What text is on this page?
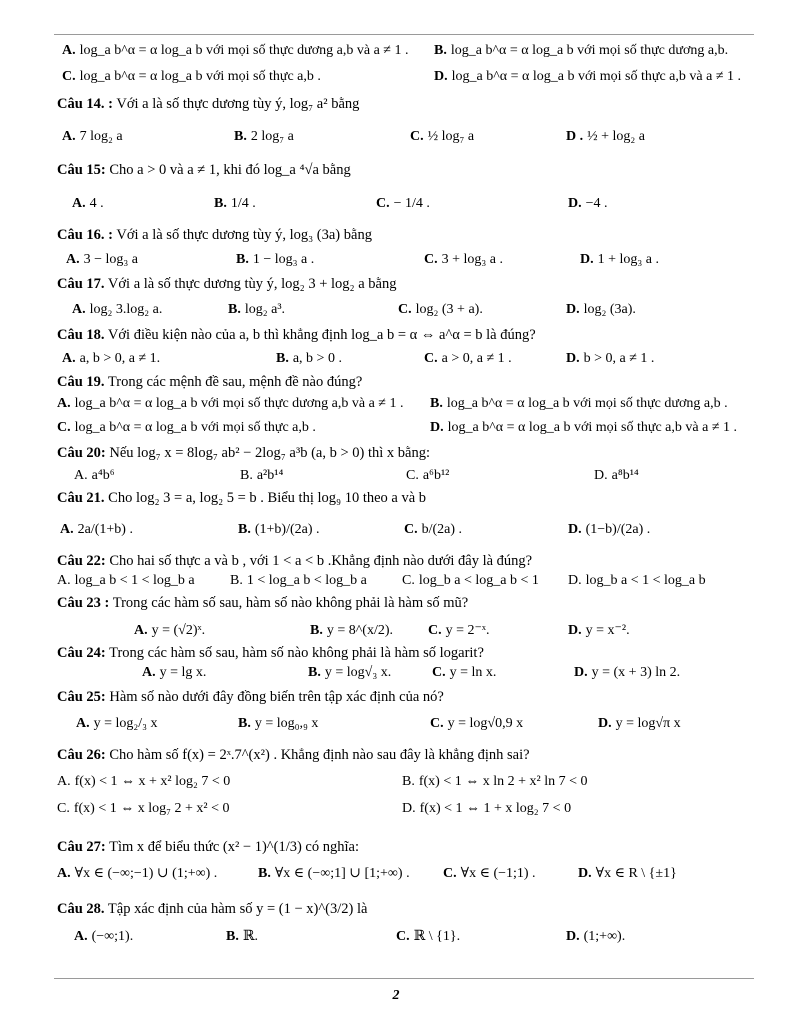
A. log_a b^α = α log_a b với mọi số thực dương a,b và a ≠ 1 . B. log_a b^α = α log_a b với mọi số thực dương a,b.
C. log_a b^α = α log_a b với mọi số thực a,b .	D. log_a b^α = α log_a b với mọi số thực a,b và a ≠ 1 .
Câu 14. : Với a là số thực dương tùy ý, log₇ a² bằng
A. 7 log₂ a	B. 2 log₇ a	C. ½ log₇ a	D . ½ + log₂ a
Câu 15: Cho a > 0 và a ≠ 1, khi đó log_a ⁴√a bằng
A. 4 .	B. 1/4 .	C. − 1/4 .	D. −4 .
Câu 16. : Với a là số thực dương tùy ý, log₃ (3a) bằng
A. 3 − log₃ a	B. 1 − log₃ a .	C. 3 + log₃ a .	D. 1 + log₃ a .
Câu 17. Với a là số thực dương tùy ý, log₂ 3 + log₂ a bằng
A. log₂ 3.log₂ a.	B. log₂ a³.	C. log₂ (3 + a).	D. log₂ (3a).
Câu 18. Với điều kiện nào của a, b thì khẳng định log_a b = α ⇔ a^α = b là đúng?
A. a, b > 0, a ≠ 1.	B. a, b > 0 .	C. a > 0, a ≠ 1 .	D. b > 0, a ≠ 1 .
Câu 19. Trong các mệnh đề sau, mệnh đề nào đúng?
A. log_a b^α = α log_a b với mọi số thực dương a,b và a ≠ 1 . B. log_a b^α = α log_a b với mọi số thực dương a,b .
C. log_a b^α = α log_a b với mọi số thực a,b .	D. log_a b^α = α log_a b với mọi số thực a,b và a ≠ 1 .
Câu 20: Nếu log₇ x = 8log₇ ab² − 2log₇ a³b (a, b > 0) thì x bằng:
A. a⁴b⁶	B. a²b¹⁴	C. a⁶b¹²	D. a⁸b¹⁴
Câu 21. Cho log₂ 3 = a, log₂ 5 = b . Biểu thị log₉ 10 theo a và b
A. 2a/(1+b) .	B. (1+b)/(2a) .	C. b/(2a) .	D. (1−b)/(2a) .
Câu 22: Cho hai số thực a và b , với 1 < a < b .Khẳng định nào dưới đây là đúng?
A. log_a b < 1 < log_b a	B. 1 < log_a b < log_b a	C. log_b a < log_a b < 1 D. log_b a < 1 < log_a b
Câu 23 : Trong các hàm số sau, hàm số nào không phải là hàm số mũ?
A. y = (√2)ˣ.	B. y = 8^(x/2). C. y = 2⁻ˣ.	D. y = x⁻².
Câu 24: Trong các hàm số sau, hàm số nào không phải là hàm số logarit?
A. y = lg x.	B. y = log√₃ x.	C. y = ln x.	D. y = (x + 3) ln 2.
Câu 25: Hàm số nào dưới đây đồng biến trên tập xác định của nó?
A. y = log₂/₃ x	B. y = log₀,₉ x	C. y = log√0,9 x	D. y = log√π x
Câu 26: Cho hàm số f(x) = 2ˣ.7^(x²) . Khẳng định nào sau đây là khẳng định sai?
A. f(x) < 1 ⇔ x + x² log₂ 7 < 0	B. f(x) < 1 ⇔ x ln 2 + x² ln 7 < 0
C. f(x) < 1 ⇔ x log₇ 2 + x² < 0	D. f(x) < 1 ⇔ 1 + x log₂ 7 < 0
Câu 27: Tìm x để biểu thức (x² − 1)^(1/3) có nghĩa:
A. ∀x ∈ (−∞;−1) ∪ (1;+∞) .	B. ∀x ∈ (−∞;1] ∪ [1;+∞) . C. ∀x ∈ (−1;1) .	D. ∀x ∈ R \ {±1}
Câu 28. Tập xác định của hàm số y = (1 − x)^(3/2) là
A. (−∞;1).	B. ℝ.	C. ℝ \ {1}.	D. (1;+∞).
2
